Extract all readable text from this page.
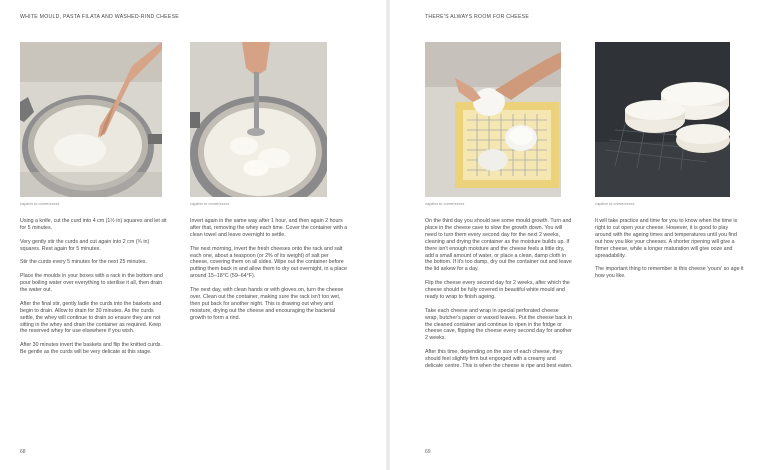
WHITE MOULD, PASTA FILATA AND WASHED-RIND CHEESE
caption to come/xxxxx	caption to come/xxxxx

Using a knife, cut the curd into 4 cm (1½ in) squares and let sit for 5 minutes.

Very gently stir the curds and cut again into 2 cm (¾ in) squares. Rest again for 5 minutes.

Stir the curds every 5 minutes for the next 25 minutes.

Place the moulds in your boxes with a rack in the bottom and pour boiling water over everything to sterilise it all, then drain the water out.

After the final stir, gently ladle the curds into the baskets and begin to drain. Allow to drain for 30 minutes. As the curds settle, the whey will continue to drain so ensure they are not sitting in the whey and drain the container as required. Keep the reserved whey for use elsewhere if you wish.

After 30 minutes invert the baskets and flip the knitted curds. Be gentle as the curds will be very delicate at this stage.

Invert again in the same way after 1 hour, and then again 2 hours after that, removing the whey each time. Cover the container with a clean towel and leave overnight to settle.

The next morning, invert the fresh cheeses onto the rack and salt each one, about a teaspoon (or 2% of its weight) of salt per cheese, covering them on all sides. Wipe out the container before putting them back in and allow them to dry out overnight, in a place around 15–18°C (59–64°F).

The next day, with clean hands or with gloves on, turn the cheese over. Clean out the container, making sure the rack isn't too wet, then put back for another night. This is drawing out whey and moisture, drying out the cheese and encouraging the bacterial growth to form a rind.

68
THERE'S ALWAYS ROOM FOR CHEESE
caption to come/xxxxx	caption to come/xxxxx

On the third day you should see some mould growth. Turn and place in the cheese cave to slow the growth down. You will need to turn them every second day for the next 2 weeks, cleaning and drying the container as the moisture builds up. If there isn't enough moisture and the cheese feels a little dry, add a small amount of water, or place a clean, damp cloth in the bottom. If it's too damp, dry out the container out and leave the lid askew for a day.

Flip the cheese every second day for 2 weeks, after which the cheese should be fully covered in beautiful white mould and ready to wrap to finish ageing.

Take each cheese and wrap in special perforated cheese wrap, butcher's paper or waxed leaves. Put the cheese back in the cleaned container and continue to ripen in the fridge or cheese cave, flipping the cheese every second day for another 2 weeks.

After this time, depending on the size of each cheese, they should feel slightly firm but engorged with a creamy and delicate centre. This is when the cheese is ripe and best eaten.

It will take practice and time for you to know when the time is right to cut open your cheese. However, it is good to play around with the ageing times and temperatures until you find out how you like your cheeses. A shorter ripening will give a firmer cheese, while a longer maturation will give ooze and spreadability.

The important thing to remember is this cheese 'yours' so age it how you like.

69
